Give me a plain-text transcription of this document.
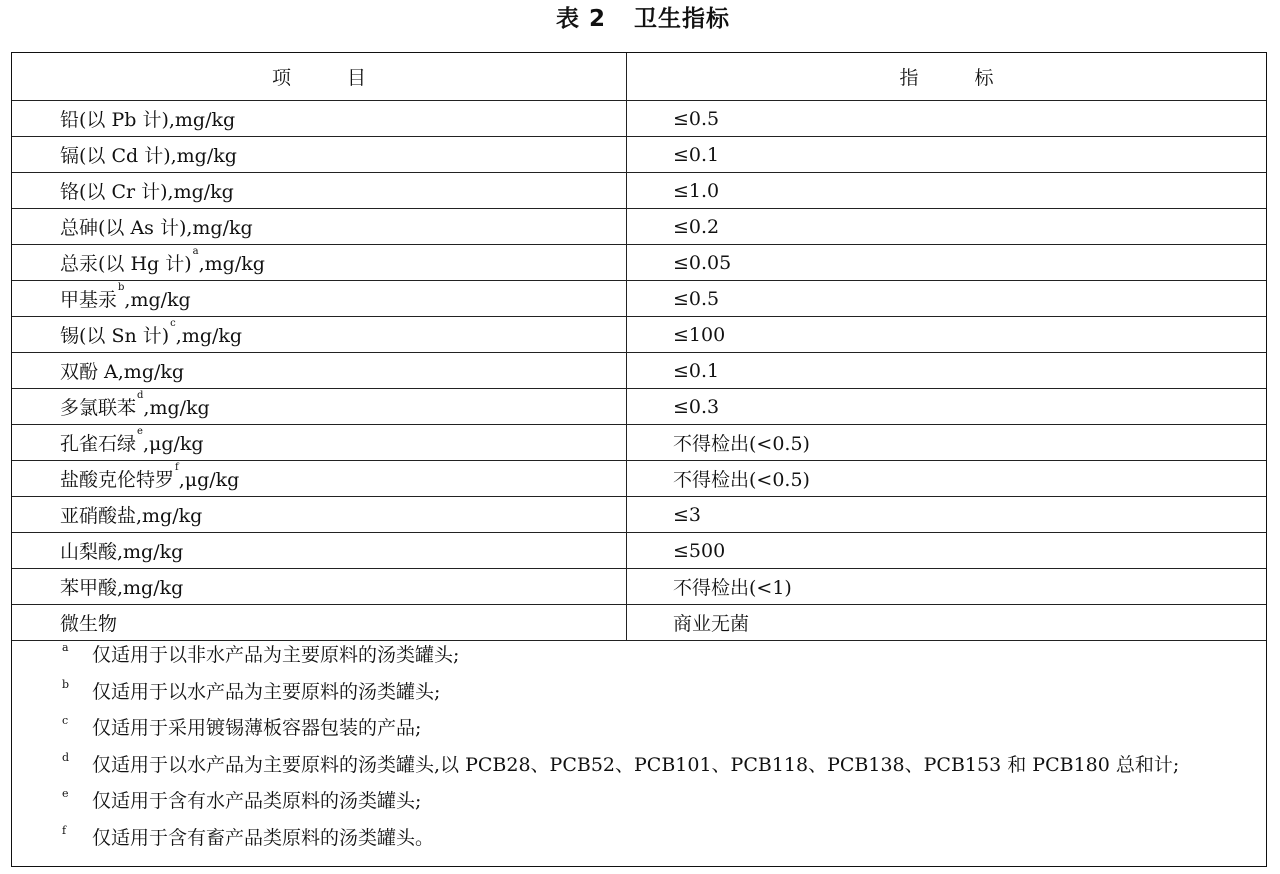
表 2 卫生指标
项 目	指 标
铅(以 Pb 计),mg/kg	≤0.5
镉(以 Cd 计),mg/kg	≤0.1
铬(以 Cr 计),mg/kg	≤1.0
总砷(以 As 计),mg/kg	≤0.2
总汞(以 Hg 计)$^a$,mg/kg	≤0.05
甲基汞$^b$,mg/kg	≤0.5
锡(以 Sn 计)$^c$,mg/kg	≤100
双酚 A,mg/kg	≤0.1
多氯联苯$^d$,mg/kg	≤0.3
孔雀石绿$^e$,μg/kg	不得检出(<0.5)
盐酸克伦特罗$^f$,μg/kg	不得检出(<0.5)
亚硝酸盐,mg/kg	≤3
山梨酸,mg/kg	≤500
苯甲酸,mg/kg	不得检出(<1)
微生物	商业无菌
a 仅适用于以非水产品为主要原料的汤类罐头;
b 仅适用于以水产品为主要原料的汤类罐头;
c 仅适用于采用镀锡薄板容器包装的产品;
d 仅适用于以水产品为主要原料的汤类罐头,以 PCB28、PCB52、PCB101、PCB118、PCB138、PCB153 和 PCB180 总和计;
e 仅适用于含有水产品类原料的汤类罐头;
f 仅适用于含有畜产品类原料的汤类罐头。
